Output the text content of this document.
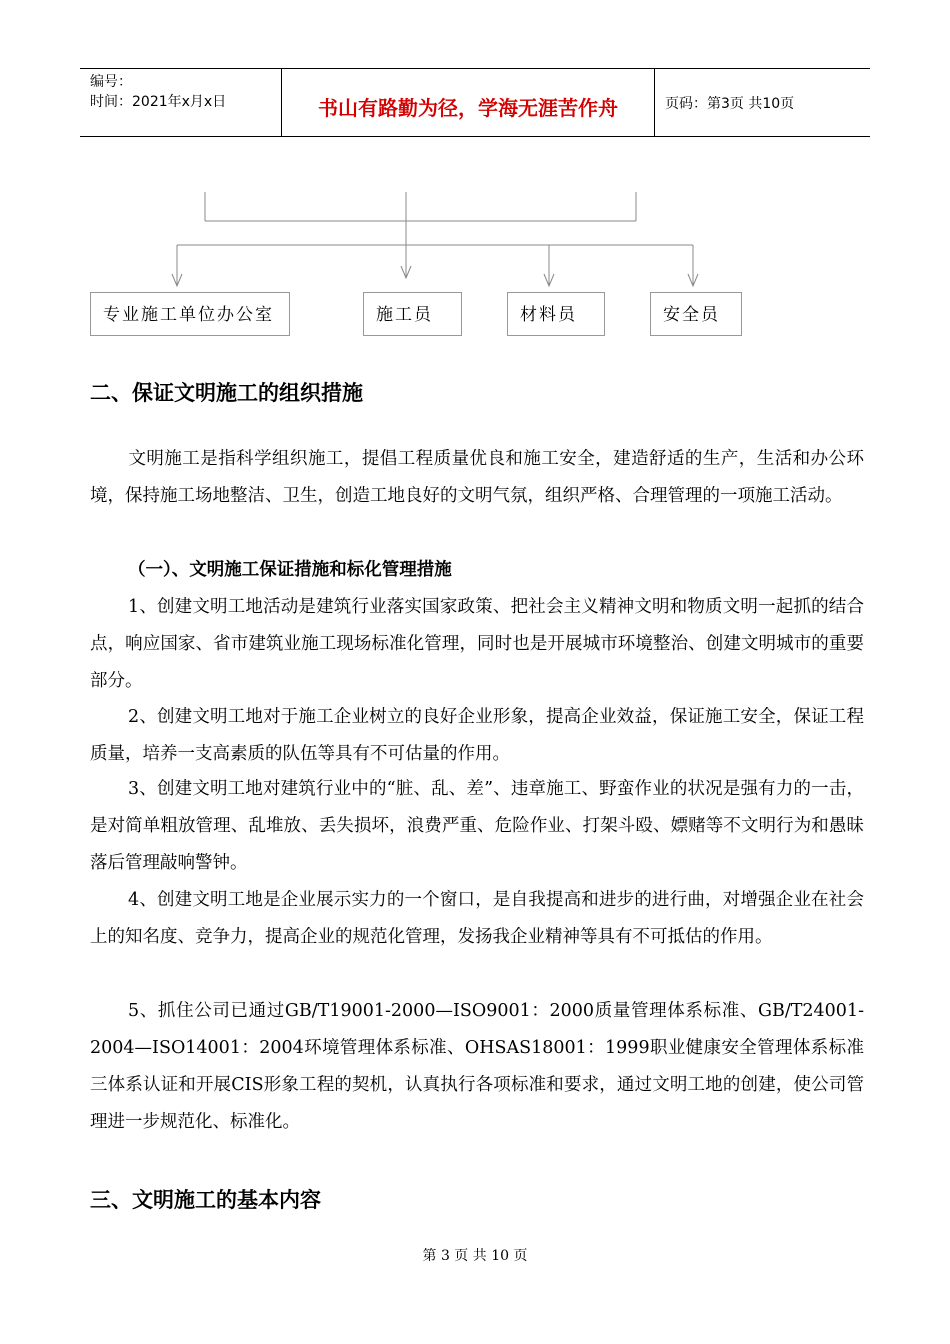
编号：
时间：2021年x月x日	书山有路勤为径，学海无涯苦作舟	页码：第3页 共10页
专业施工单位办公室	施工员	材料员	安全员
二、保证文明施工的组织措施
文明施工是指科学组织施工，提倡工程质量优良和施工安全，建造舒适的生产，生活和办公环境，保持施工场地整洁、卫生，创造工地良好的文明气氛，组织严格、合理管理的一项施工活动。
（一）、文明施工保证措施和标化管理措施
1、创建文明工地活动是建筑行业落实国家政策、把社会主义精神文明和物质文明一起抓的结合点，响应国家、省市建筑业施工现场标准化管理，同时也是开展城市环境整治、创建文明城市的重要部分。
2、创建文明工地对于施工企业树立的良好企业形象，提高企业效益，保证施工安全，保证工程质量，培养一支高素质的队伍等具有不可估量的作用。
3、创建文明工地对建筑行业中的“脏、乱、差”、违章施工、野蛮作业的状况是强有力的一击，是对简单粗放管理、乱堆放、丢失损坏，浪费严重、危险作业、打架斗殴、嫖赌等不文明行为和愚昧落后管理敲响警钟。
4、创建文明工地是企业展示实力的一个窗口，是自我提高和进步的进行曲，对增强企业在社会上的知名度、竞争力，提高企业的规范化管理，发扬我企业精神等具有不可抵估的作用。
5、抓住公司已通过GB/T19001-2000—ISO9001：2000质量管理体系标准、GB/T24001-2004—ISO14001：2004环境管理体系标准、OHSAS18001：1999职业健康安全管理体系标准三体系认证和开展CIS形象工程的契机，认真执行各项标准和要求，通过文明工地的创建，使公司管理进一步规范化、标准化。
三、文明施工的基本内容
第 3 页 共 10 页
